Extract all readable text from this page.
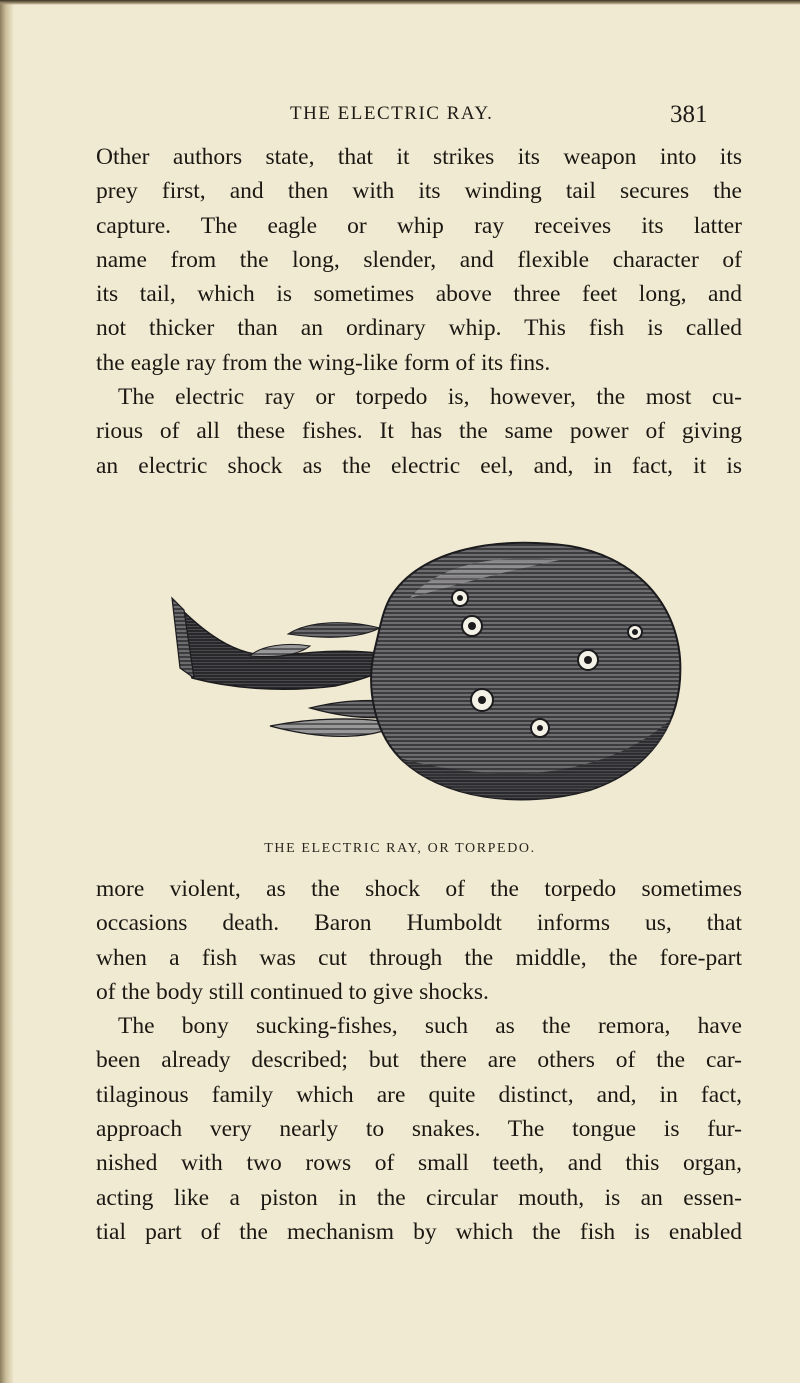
THE ELECTRIC RAY.	381
Other authors state, that it strikes its weapon into its
prey first, and then with its winding tail secures the
capture. The eagle or whip ray receives its latter
name from the long, slender, and flexible character of
its tail, which is sometimes above three feet long, and
not thicker than an ordinary whip. This fish is called
the eagle ray from the wing-like form of its fins.
The electric ray or torpedo is, however, the most cu-
rious of all these fishes. It has the same power of giving
an electric shock as the electric eel, and, in fact, it is
THE ELECTRIC RAY, OR TORPEDO.
more violent, as the shock of the torpedo sometimes
occasions death. Baron Humboldt informs us, that
when a fish was cut through the middle, the fore-part
of the body still continued to give shocks.
The bony sucking-fishes, such as the remora, have
been already described; but there are others of the car-
tilaginous family which are quite distinct, and, in fact,
approach very nearly to snakes. The tongue is fur-
nished with two rows of small teeth, and this organ,
acting like a piston in the circular mouth, is an essen-
tial part of the mechanism by which the fish is enabled
